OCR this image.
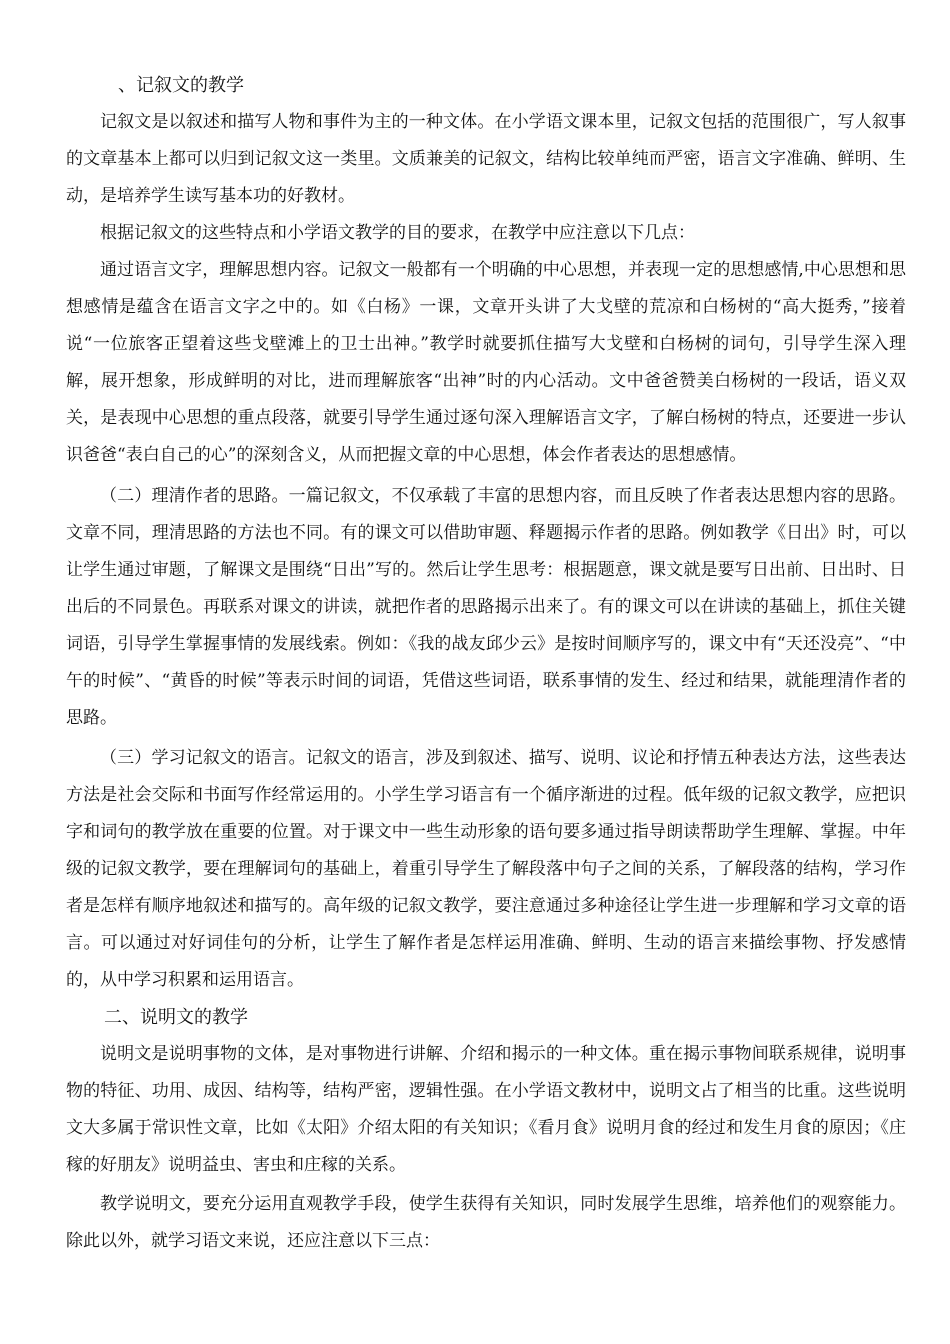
、记叙文的教学

记叙文是以叙述和描写人物和事件为主的一种文体。在小学语文课本里，记叙文包括的范围很广，写人叙事的文章基本上都可以归到记叙文这一类里。文质兼美的记叙文，结构比较单纯而严密，语言文字准确、鲜明、生动，是培养学生读写基本功的好教材。

根据记叙文的这些特点和小学语文教学的目的要求，在教学中应注意以下几点：

通过语言文字，理解思想内容。记叙文一般都有一个明确的中心思想，并表现一定的思想感情,中心思想和思想感情是蕴含在语言文字之中的。如《白杨》一课，文章开头讲了大戈壁的荒凉和白杨树的“高大挺秀，”接着说“一位旅客正望着这些戈壁滩上的卫士出神。”教学时就要抓住描写大戈壁和白杨树的词句，引导学生深入理解，展开想象，形成鲜明的对比，进而理解旅客“出神”时的内心活动。文中爸爸赞美白杨树的一段话，语义双关，是表现中心思想的重点段落，就要引导学生通过逐句深入理解语言文字，了解白杨树的特点，还要进一步认识爸爸“表白自己的心”的深刻含义，从而把握文章的中心思想，体会作者表达的思想感情。

（二）理清作者的思路。一篇记叙文，不仅承载了丰富的思想内容，而且反映了作者表达思想内容的思路。文章不同，理清思路的方法也不同。有的课文可以借助审题、释题揭示作者的思路。例如教学《日出》时，可以让学生通过审题，了解课文是围绕“日出”写的。然后让学生思考：根据题意，课文就是要写日出前、日出时、日出后的不同景色。再联系对课文的讲读，就把作者的思路揭示出来了。有的课文可以在讲读的基础上，抓住关键词语，引导学生掌握事情的发展线索。例如：《我的战友邱少云》是按时间顺序写的，课文中有“天还没亮”、“中午的时候”、“黄昏的时候”等表示时间的词语，凭借这些词语，联系事情的发生、经过和结果，就能理清作者的思路。

（三）学习记叙文的语言。记叙文的语言，涉及到叙述、描写、说明、议论和抒情五种表达方法，这些表达方法是社会交际和书面写作经常运用的。小学生学习语言有一个循序渐进的过程。低年级的记叙文教学，应把识字和词句的教学放在重要的位置。对于课文中一些生动形象的语句要多通过指导朗读帮助学生理解、掌握。中年级的记叙文教学，要在理解词句的基础上，着重引导学生了解段落中句子之间的关系，了解段落的结构，学习作者是怎样有顺序地叙述和描写的。高年级的记叙文教学，要注意通过多种途径让学生进一步理解和学习文章的语言。可以通过对好词佳句的分析，让学生了解作者是怎样运用准确、鲜明、生动的语言来描绘事物、抒发感情的，从中学习积累和运用语言。

二、说明文的教学

说明文是说明事物的文体，是对事物进行讲解、介绍和揭示的一种文体。重在揭示事物间联系规律，说明事物的特征、功用、成因、结构等，结构严密，逻辑性强。在小学语文教材中，说明文占了相当的比重。这些说明文大多属于常识性文章，比如《太阳》介绍太阳的有关知识；《看月食》说明月食的经过和发生月食的原因；《庄稼的好朋友》说明益虫、害虫和庄稼的关系。

教学说明文，要充分运用直观教学手段，使学生获得有关知识，同时发展学生思维，培养他们的观察能力。除此以外，就学习语文来说，还应注意以下三点：
